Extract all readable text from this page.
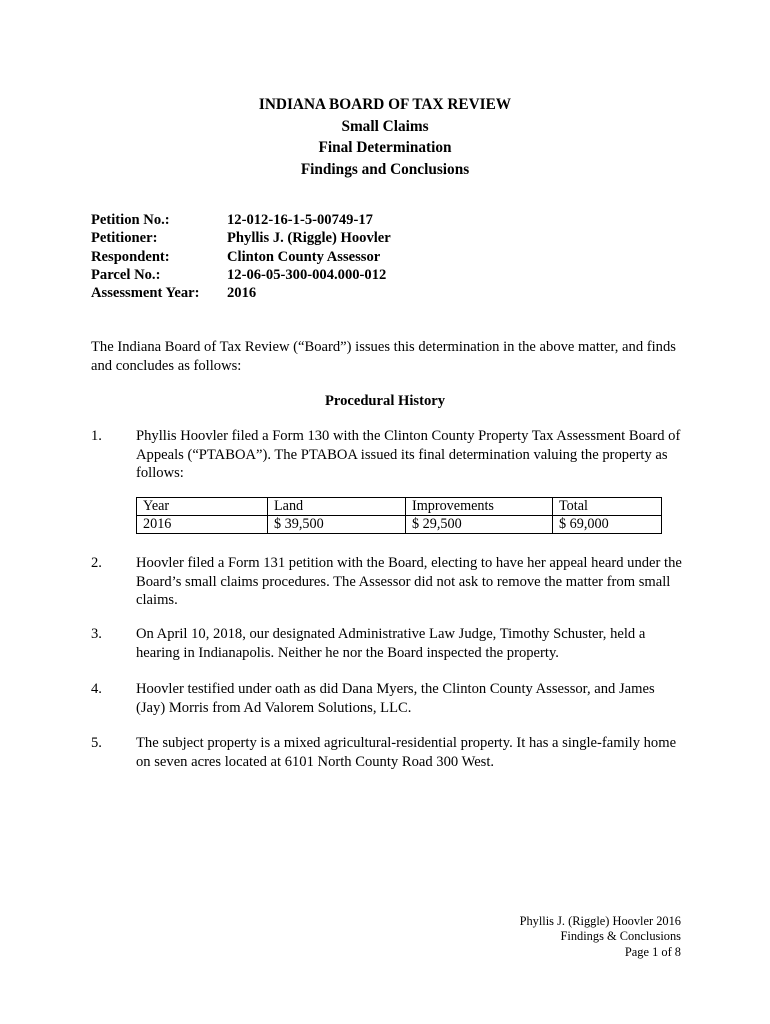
INDIANA BOARD OF TAX REVIEW
Small Claims
Final Determination
Findings and Conclusions
Petition No.:	12-012-16-1-5-00749-17
Petitioner:	Phyllis J. (Riggle) Hoovler
Respondent:	Clinton County Assessor
Parcel No.:	12-06-05-300-004.000-012
Assessment Year:	2016
The Indiana Board of Tax Review (“Board”) issues this determination in the above matter, and finds and concludes as follows:
Procedural History
1.	Phyllis Hoovler filed a Form 130 with the Clinton County Property Tax Assessment Board of Appeals (“PTABOA”). The PTABOA issued its final determination valuing the property as follows:
Year	Land	Improvements	Total
2016	$ 39,500	$ 29,500	$ 69,000
2.	Hoovler filed a Form 131 petition with the Board, electing to have her appeal heard under the Board’s small claims procedures. The Assessor did not ask to remove the matter from small claims.
3.	On April 10, 2018, our designated Administrative Law Judge, Timothy Schuster, held a hearing in Indianapolis. Neither he nor the Board inspected the property.
4.	Hoovler testified under oath as did Dana Myers, the Clinton County Assessor, and James (Jay) Morris from Ad Valorem Solutions, LLC.
5.	The subject property is a mixed agricultural-residential property. It has a single-family home on seven acres located at 6101 North County Road 300 West.
Phyllis J. (Riggle) Hoovler 2016
Findings & Conclusions
Page 1 of 8
